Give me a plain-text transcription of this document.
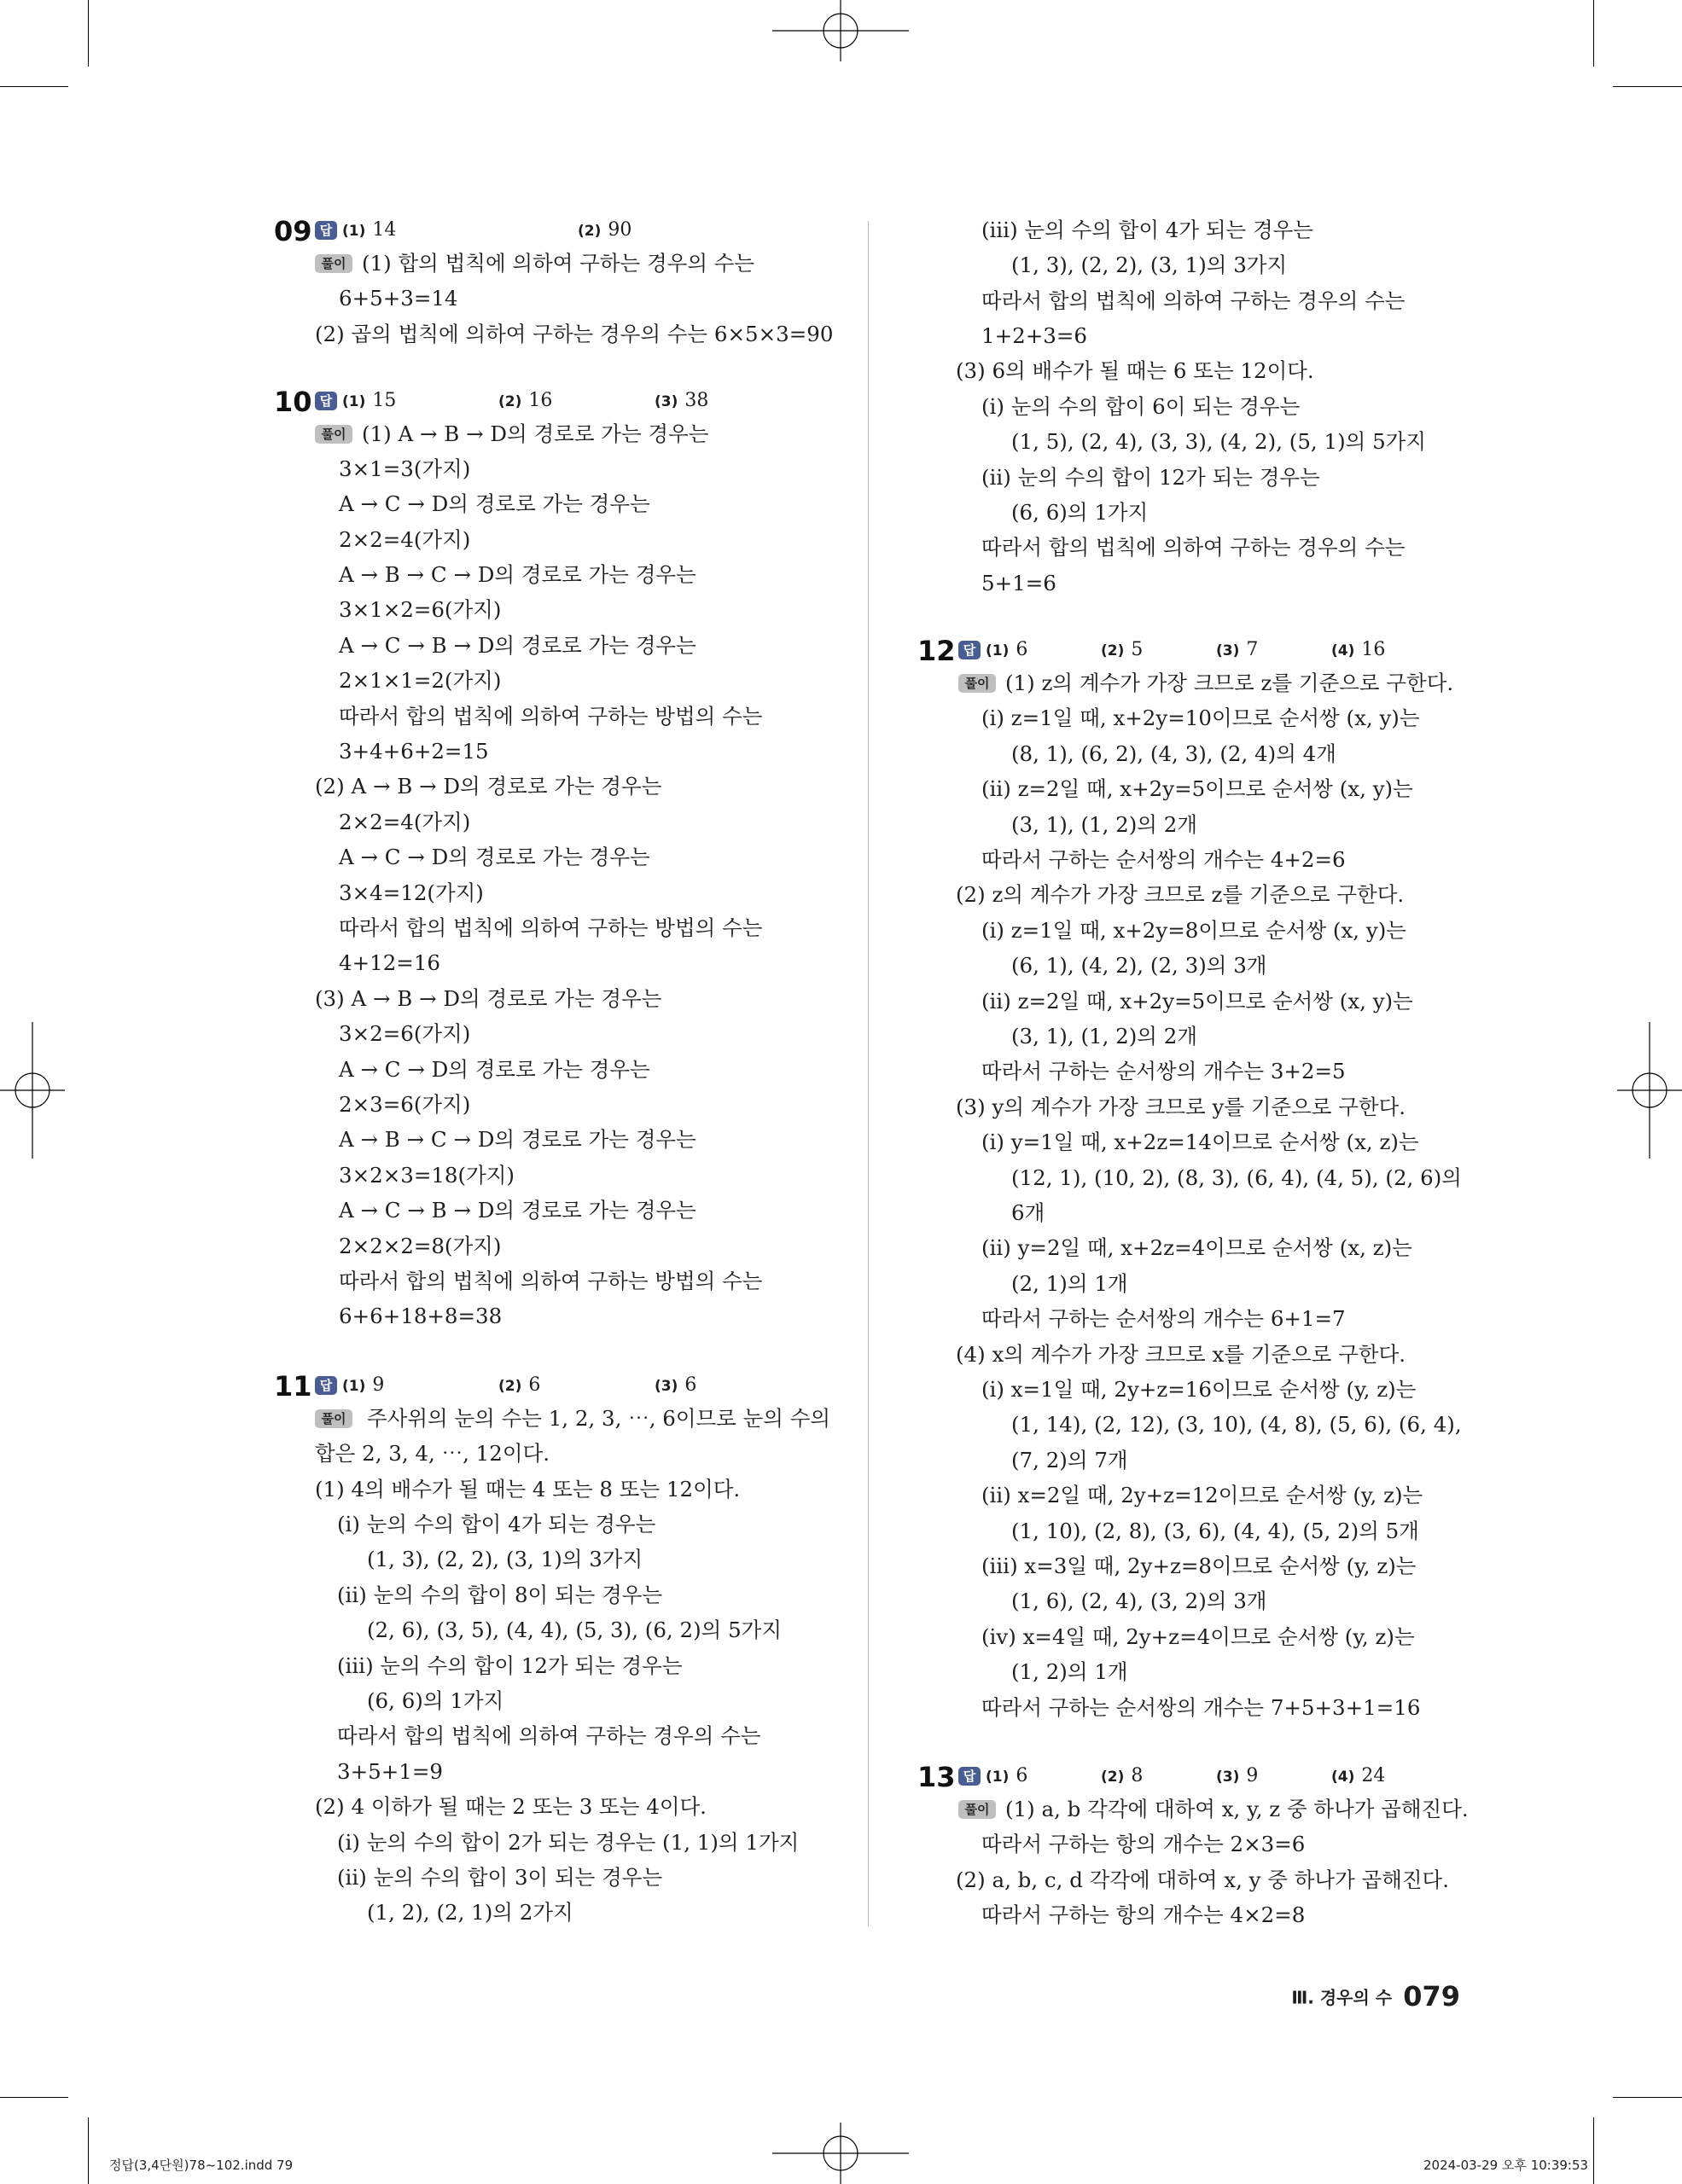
09 답 (1) 14	(2) 90
풀이 (1) 합의 법칙에 의하여 구하는 경우의 수는
6+5+3=14
(2) 곱의 법칙에 의하여 구하는 경우의 수는 6×5×3=90
10 답 (1) 15	(2) 16	(3) 38
풀이 (1) A → B → D의 경로로 가는 경우는
3×1=3(가지)
A → C → D의 경로로 가는 경우는
2×2=4(가지)
A → B → C → D의 경로로 가는 경우는
3×1×2=6(가지)
A → C → B → D의 경로로 가는 경우는
2×1×1=2(가지)
따라서 합의 법칙에 의하여 구하는 방법의 수는
3+4+6+2=15
(2) A → B → D의 경로로 가는 경우는
2×2=4(가지)
A → C → D의 경로로 가는 경우는
3×4=12(가지)
따라서 합의 법칙에 의하여 구하는 방법의 수는
4+12=16
(3) A → B → D의 경로로 가는 경우는
3×2=6(가지)
A → C → D의 경로로 가는 경우는
2×3=6(가지)
A → B → C → D의 경로로 가는 경우는
3×2×3=18(가지)
A → C → B → D의 경로로 가는 경우는
2×2×2=8(가지)
따라서 합의 법칙에 의하여 구하는 방법의 수는
6+6+18+8=38
11 답 (1) 9	(2) 6	(3) 6
풀이	주사위의 눈의 수는 1, 2, 3, ⋯, 6이므로 눈의 수의
합은 2, 3, 4, ⋯, 12이다.
(1) 4의 배수가 될 때는 4 또는 8 또는 12이다.
(ⅰ) 눈의 수의 합이 4가 되는 경우는
(1, 3), (2, 2), (3, 1)의 3가지
(ⅱ) 눈의 수의 합이 8이 되는 경우는
(2, 6), (3, 5), (4, 4), (5, 3), (6, 2)의 5가지
(ⅲ) 눈의 수의 합이 12가 되는 경우는
(6, 6)의 1가지
따라서 합의 법칙에 의하여 구하는 경우의 수는
3+5+1=9
(2) 4 이하가 될 때는 2 또는 3 또는 4이다.
(ⅰ) 눈의 수의 합이 2가 되는 경우는 (1, 1)의 1가지
(ⅱ) 눈의 수의 합이 3이 되는 경우는
(1, 2), (2, 1)의 2가지
(ⅲ) 눈의 수의 합이 4가 되는 경우는
(1, 3), (2, 2), (3, 1)의 3가지
따라서 합의 법칙에 의하여 구하는 경우의 수는
1+2+3=6
(3) 6의 배수가 될 때는 6 또는 12이다.
(ⅰ) 눈의 수의 합이 6이 되는 경우는
(1, 5), (2, 4), (3, 3), (4, 2), (5, 1)의 5가지
(ⅱ) 눈의 수의 합이 12가 되는 경우는
(6, 6)의 1가지
따라서 합의 법칙에 의하여 구하는 경우의 수는
5+1=6
12 답 (1) 6	(2) 5	(3) 7	(4) 16
풀이 (1) z의 계수가 가장 크므로 z를 기준으로 구한다.
(ⅰ) z=1일 때, x+2y=10이므로 순서쌍 (x, y)는
(8, 1), (6, 2), (4, 3), (2, 4)의 4개
(ⅱ) z=2일 때, x+2y=5이므로 순서쌍 (x, y)는
(3, 1), (1, 2)의 2개
따라서 구하는 순서쌍의 개수는 4+2=6
(2) z의 계수가 가장 크므로 z를 기준으로 구한다.
(ⅰ) z=1일 때, x+2y=8이므로 순서쌍 (x, y)는
(6, 1), (4, 2), (2, 3)의 3개
(ⅱ) z=2일 때, x+2y=5이므로 순서쌍 (x, y)는
(3, 1), (1, 2)의 2개
따라서 구하는 순서쌍의 개수는 3+2=5
(3) y의 계수가 가장 크므로 y를 기준으로 구한다.
(ⅰ) y=1일 때, x+2z=14이므로 순서쌍 (x, z)는
(12, 1), (10, 2), (8, 3), (6, 4), (4, 5), (2, 6)의
6개
(ⅱ) y=2일 때, x+2z=4이므로 순서쌍 (x, z)는
(2, 1)의 1개
따라서 구하는 순서쌍의 개수는 6+1=7
(4) x의 계수가 가장 크므로 x를 기준으로 구한다.
(ⅰ) x=1일 때, 2y+z=16이므로 순서쌍 (y, z)는
(1, 14), (2, 12), (3, 10), (4, 8), (5, 6), (6, 4),
(7, 2)의 7개
(ⅱ) x=2일 때, 2y+z=12이므로 순서쌍 (y, z)는
(1, 10), (2, 8), (3, 6), (4, 4), (5, 2)의 5개
(ⅲ) x=3일 때, 2y+z=8이므로 순서쌍 (y, z)는
(1, 6), (2, 4), (3, 2)의 3개
(ⅳ) x=4일 때, 2y+z=4이므로 순서쌍 (y, z)는
(1, 2)의 1개
따라서 구하는 순서쌍의 개수는 7+5+3+1=16
13 답 (1) 6	(2) 8	(3) 9	(4) 24
풀이 (1) a, b 각각에 대하여 x, y, z 중 하나가 곱해진다.
따라서 구하는 항의 개수는 2×3=6
(2) a, b, c, d 각각에 대하여 x, y 중 하나가 곱해진다.
따라서 구하는 항의 개수는 4×2=8
Ⅲ. 경우의 수 079
정답(3,4단원)78~102.indd 79	2024-03-29 오후 10:39:53
